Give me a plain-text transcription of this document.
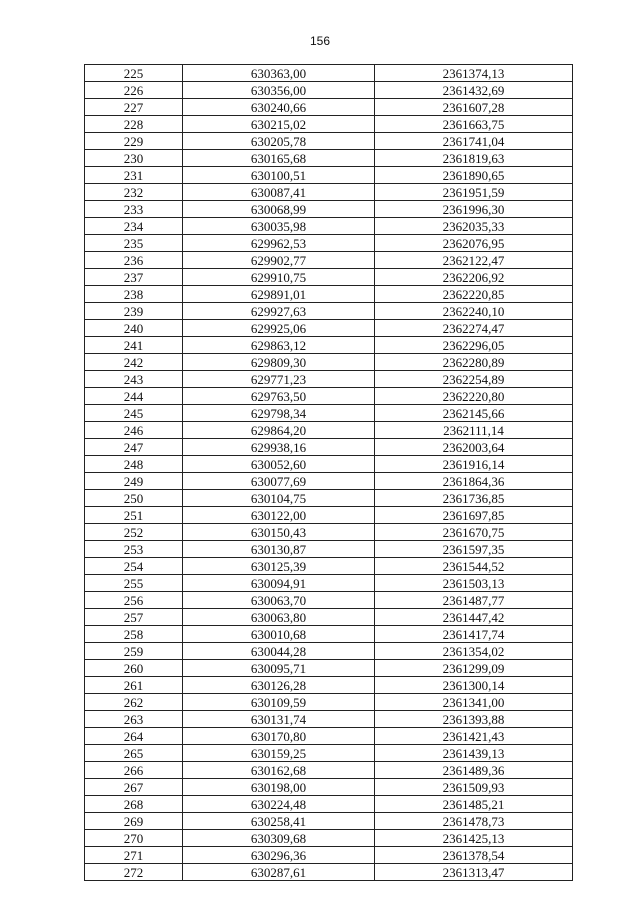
156
225	630363,00	2361374,13
226	630356,00	2361432,69
227	630240,66	2361607,28
228	630215,02	2361663,75
229	630205,78	2361741,04
230	630165,68	2361819,63
231	630100,51	2361890,65
232	630087,41	2361951,59
233	630068,99	2361996,30
234	630035,98	2362035,33
235	629962,53	2362076,95
236	629902,77	2362122,47
237	629910,75	2362206,92
238	629891,01	2362220,85
239	629927,63	2362240,10
240	629925,06	2362274,47
241	629863,12	2362296,05
242	629809,30	2362280,89
243	629771,23	2362254,89
244	629763,50	2362220,80
245	629798,34	2362145,66
246	629864,20	2362111,14
247	629938,16	2362003,64
248	630052,60	2361916,14
249	630077,69	2361864,36
250	630104,75	2361736,85
251	630122,00	2361697,85
252	630150,43	2361670,75
253	630130,87	2361597,35
254	630125,39	2361544,52
255	630094,91	2361503,13
256	630063,70	2361487,77
257	630063,80	2361447,42
258	630010,68	2361417,74
259	630044,28	2361354,02
260	630095,71	2361299,09
261	630126,28	2361300,14
262	630109,59	2361341,00
263	630131,74	2361393,88
264	630170,80	2361421,43
265	630159,25	2361439,13
266	630162,68	2361489,36
267	630198,00	2361509,93
268	630224,48	2361485,21
269	630258,41	2361478,73
270	630309,68	2361425,13
271	630296,36	2361378,54
272	630287,61	2361313,47
